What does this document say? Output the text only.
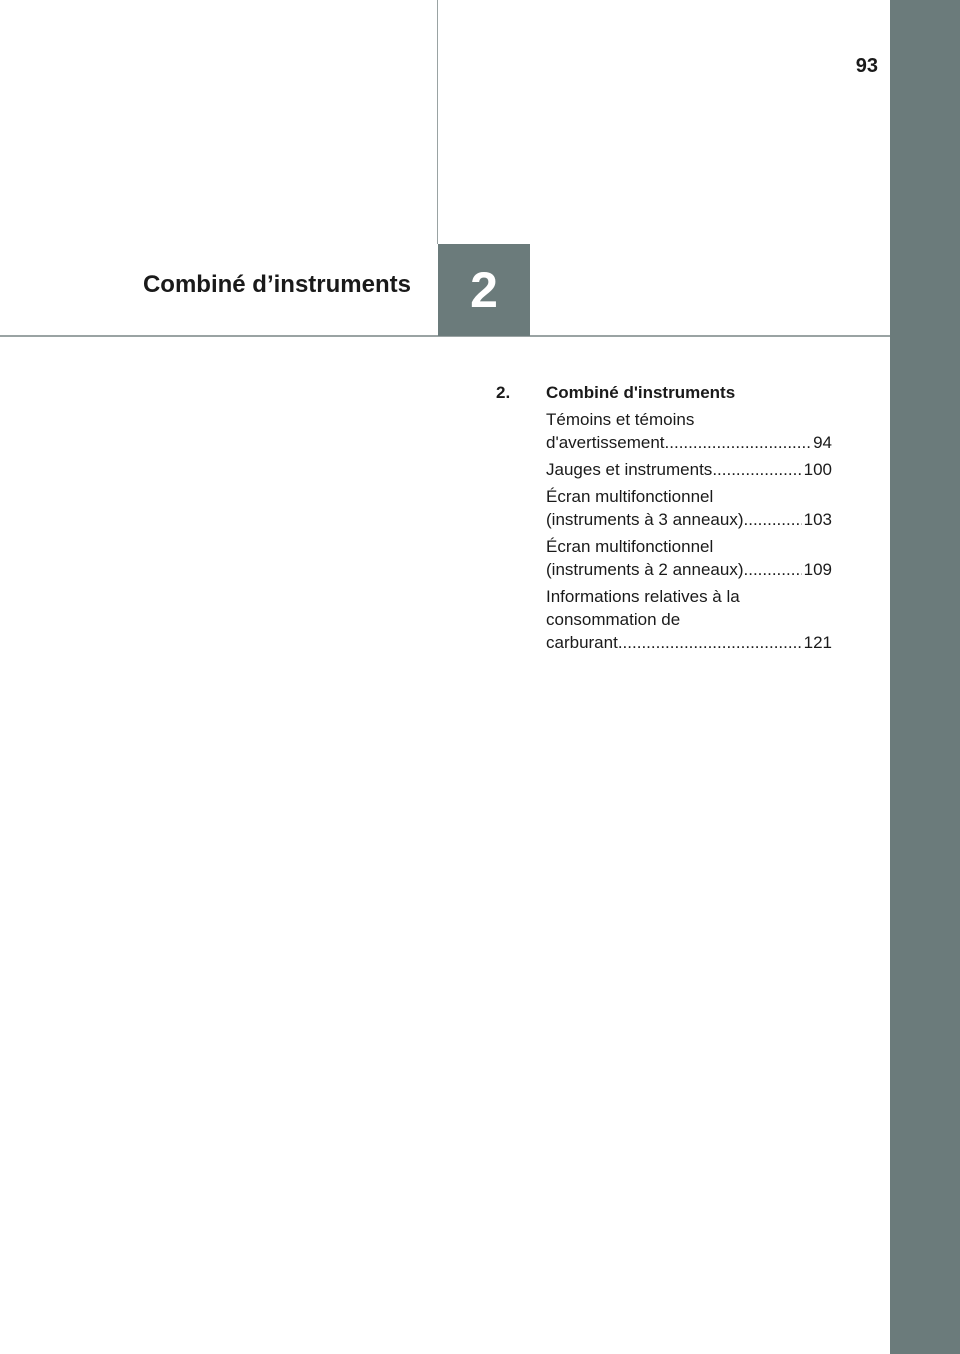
93
Combiné d’instruments	2
2.	Combiné d'instruments
Témoins et témoins
d'avertissement .....	94
Jauges et instruments .....	100
Écran multifonctionnel
(instruments à 3 anneaux) .....	103
Écran multifonctionnel
(instruments à 2 anneaux) .....	109
Informations relatives à la
consommation de
carburant .....	121
